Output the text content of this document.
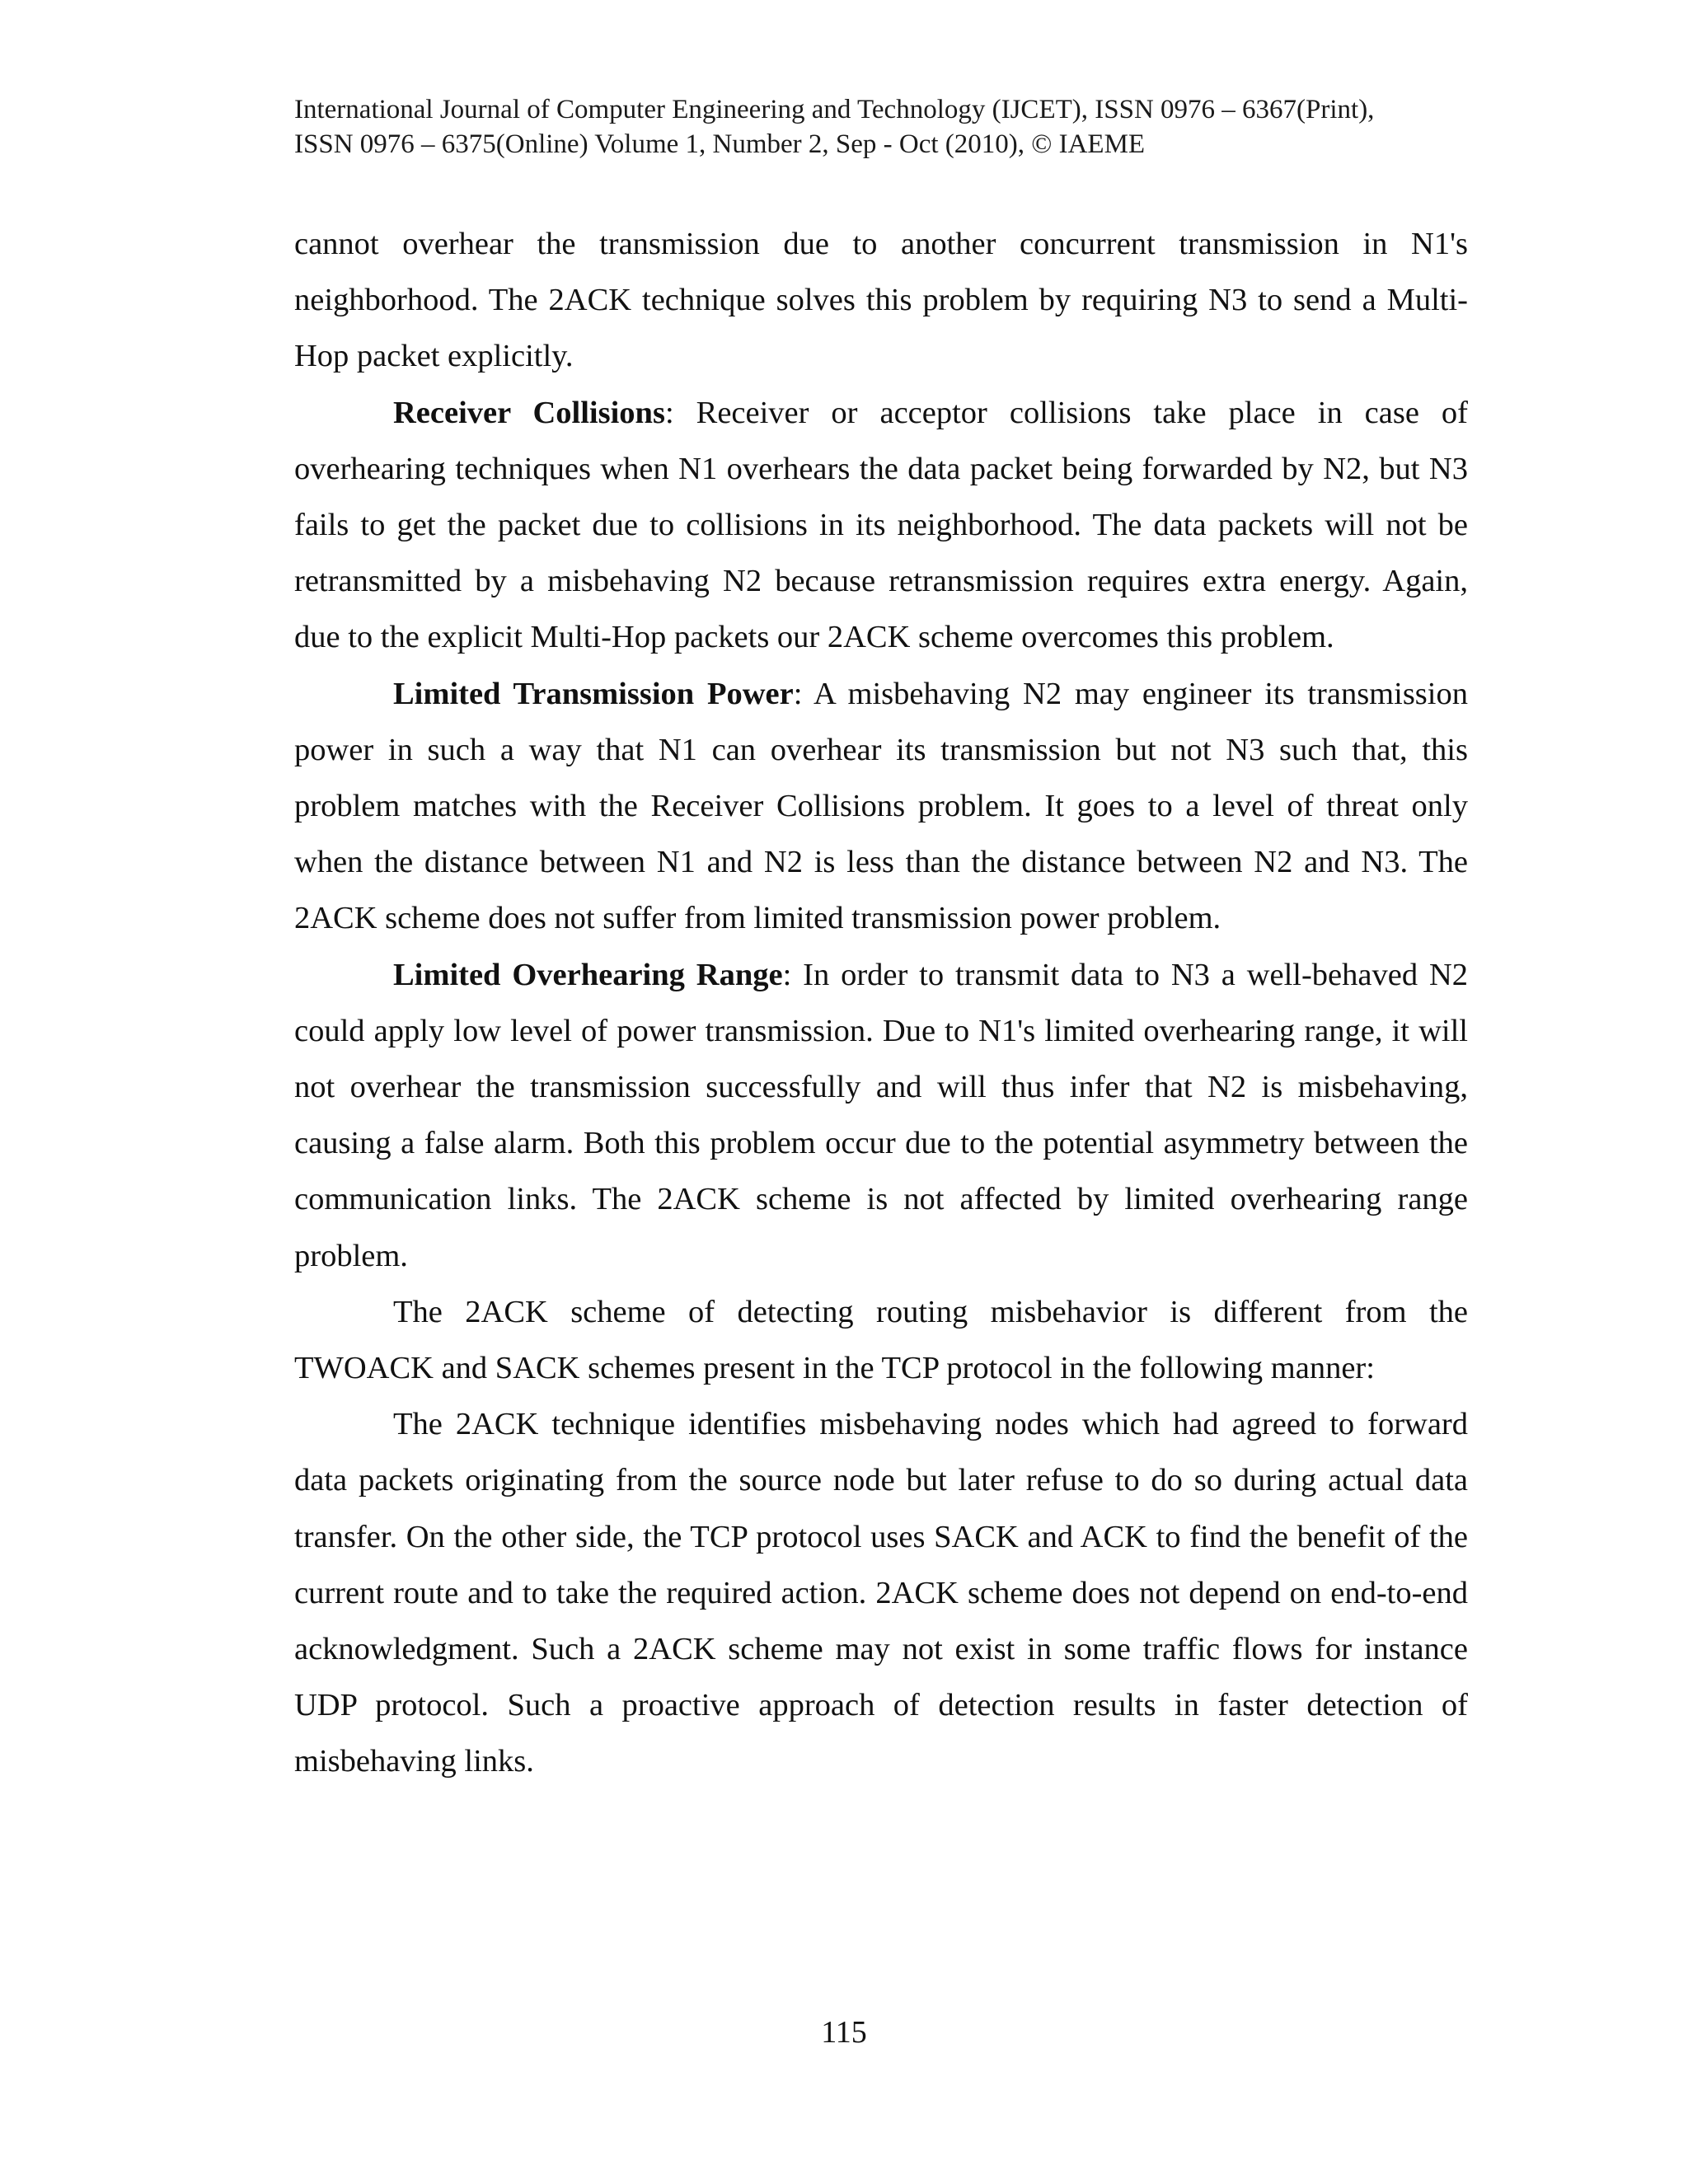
International Journal of Computer Engineering and Technology (IJCET), ISSN 0976 – 6367(Print),
ISSN 0976 – 6375(Online) Volume 1, Number 2, Sep - Oct (2010), © IAEME

cannot overhear the transmission due to another concurrent transmission in N1's neighborhood. The 2ACK technique solves this problem by requiring N3 to send a Multi-Hop packet explicitly.

Receiver Collisions: Receiver or acceptor collisions take place in case of overhearing techniques when N1 overhears the data packet being forwarded by N2, but N3 fails to get the packet due to collisions in its neighborhood. The data packets will not be retransmitted by a misbehaving N2 because retransmission requires extra energy. Again, due to the explicit Multi-Hop packets our 2ACK scheme overcomes this problem.

Limited Transmission Power: A misbehaving N2 may engineer its transmission power in such a way that N1 can overhear its transmission but not N3 such that, this problem matches with the Receiver Collisions problem. It goes to a level of threat only when the distance between N1 and N2 is less than the distance between N2 and N3. The 2ACK scheme does not suffer from limited transmission power problem.

Limited Overhearing Range: In order to transmit data to N3 a well-behaved N2 could apply low level of power transmission. Due to N1's limited overhearing range, it will not overhear the transmission successfully and will thus infer that N2 is misbehaving, causing a false alarm. Both this problem occur due to the potential asymmetry between the communication links. The 2ACK scheme is not affected by limited overhearing range problem.

The 2ACK scheme of detecting routing misbehavior is different from the TWOACK and SACK schemes present in the TCP protocol in the following manner:

The 2ACK technique identifies misbehaving nodes which had agreed to forward data packets originating from the source node but later refuse to do so during actual data transfer. On the other side, the TCP protocol uses SACK and ACK to find the benefit of the current route and to take the required action. 2ACK scheme does not depend on end-to-end acknowledgment. Such a 2ACK scheme may not exist in some traffic flows for instance UDP protocol. Such a proactive approach of detection results in faster detection of misbehaving links.

115
